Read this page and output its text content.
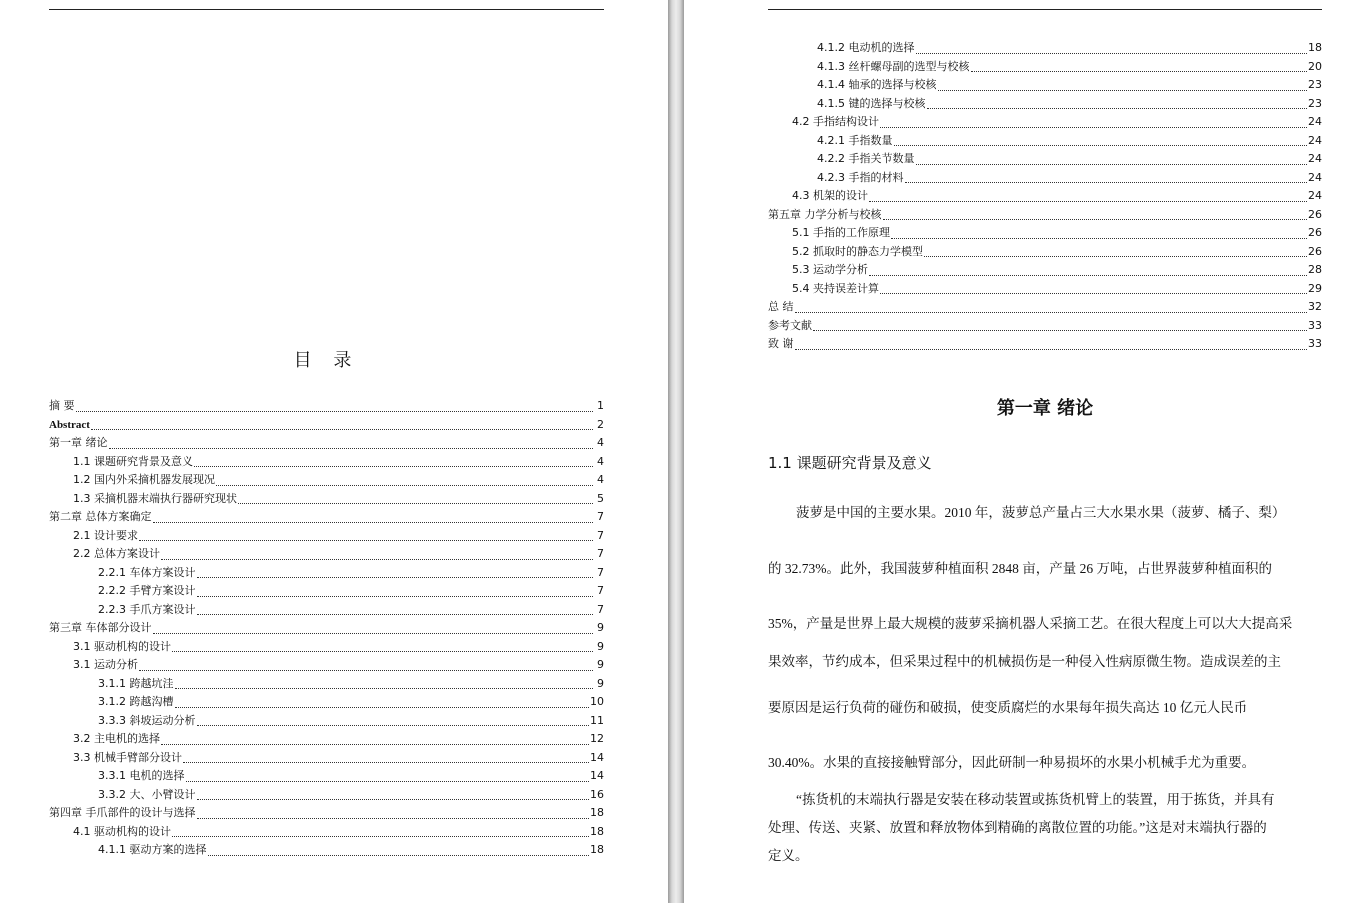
目 录
摘 要	1
Abstract	2
第一章 绪论	4
1.1 课题研究背景及意义	4
1.2 国内外采摘机器发展现况	4
1.3 采摘机器末端执行器研究现状	5
第二章 总体方案确定	7
2.1 设计要求	7
2.2 总体方案设计	7
2.2.1 车体方案设计	7
2.2.2 手臂方案设计	7
2.2.3 手爪方案设计	7
第三章 车体部分设计	9
3.1 驱动机构的设计	9
3.1 运动分析	9
3.1.1 跨越坑洼	9
3.1.2 跨越沟槽	10
3.3.3 斜坡运动分析	11
3.2 主电机的选择	12
3.3 机械手臂部分设计	14
3.3.1 电机的选择	14
3.3.2 大、小臂设计	16
第四章 手爪部件的设计与选择	18
4.1 驱动机构的设计	18
4.1.1 驱动方案的选择	18
4.1.2 电动机的选择	18
4.1.3 丝杆螺母副的选型与校核	20
4.1.4 轴承的选择与校核	23
4.1.5 键的选择与校核	23
4.2 手指结构设计	24
4.2.1 手指数量	24
4.2.2 手指关节数量	24
4.2.3 手指的材料	24
4.3 机架的设计	24
第五章 力学分析与校核	26
5.1 手指的工作原理	26
5.2 抓取时的静态力学模型	26
5.3 运动学分析	28
5.4 夹持误差计算	29
总 结	32
参考文献	33
致 谢	33
第一章 绪论
1.1 课题研究背景及意义
菠萝是中国的主要水果。2010 年，菠萝总产量占三大水果水果（菠萝、橘子、梨）
的 32.73%。此外，我国菠萝种植面积 2848 亩，产量 26 万吨，占世界菠萝种植面积的
35%，产量是世界上最大规模的菠萝采摘机器人采摘工艺。在很大程度上可以大大提高采
果效率，节约成本，但采果过程中的机械损伤是一种侵入性病原微生物。造成误差的主
要原因是运行负荷的碰伤和破损，使变质腐烂的水果每年损失高达 10 亿元人民币
30.40%。水果的直接接触臂部分，因此研制一种易损坏的水果小机械手尤为重要。
“拣货机的末端执行器是安装在移动装置或拣货机臂上的装置，用于拣货，并具有
处理、传送、夹紧、放置和释放物体到精确的离散位置的功能。”这是对末端执行器的
定义。
